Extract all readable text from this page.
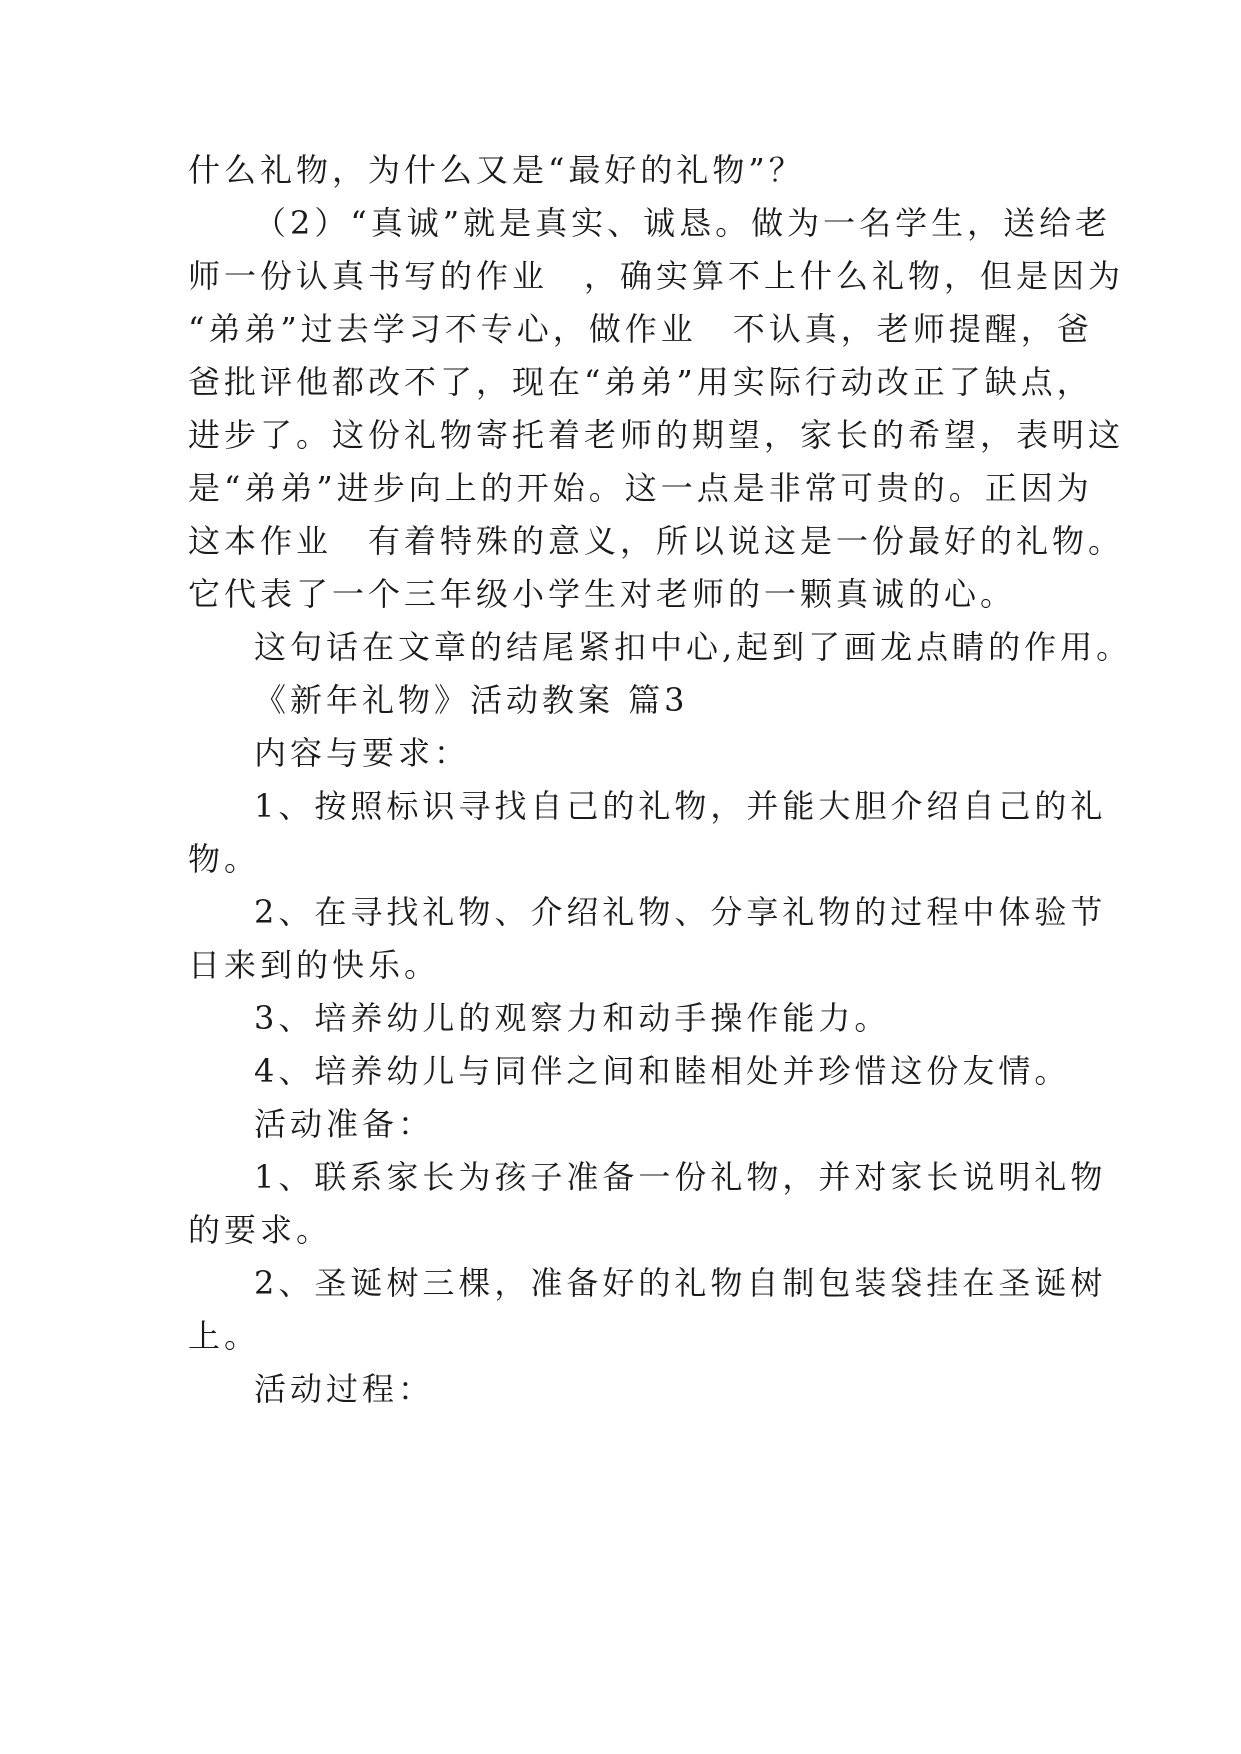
什么礼物，为什么又是“最好的礼物”？
（2）“真诚”就是真实、诚恳。做为一名学生，送给老
师一份认真书写的作业　，确实算不上什么礼物，但是因为
“弟弟”过去学习不专心，做作业　不认真，老师提醒，爸
爸批评他都改不了，现在“弟弟”用实际行动改正了缺点，
进步了。这份礼物寄托着老师的期望，家长的希望，表明这
是“弟弟”进步向上的开始。这一点是非常可贵的。正因为
这本作业　有着特殊的意义，所以说这是一份最好的礼物。
它代表了一个三年级小学生对老师的一颗真诚的心。
这句话在文章的结尾紧扣中心,起到了画龙点睛的作用。
《新年礼物》活动教案 篇3
内容与要求：
1、按照标识寻找自己的礼物，并能大胆介绍自己的礼
物。
2、在寻找礼物、介绍礼物、分享礼物的过程中体验节
日来到的快乐。
3、培养幼儿的观察力和动手操作能力。
4、培养幼儿与同伴之间和睦相处并珍惜这份友情。
活动准备：
1、联系家长为孩子准备一份礼物，并对家长说明礼物
的要求。
2、圣诞树三棵，准备好的礼物自制包装袋挂在圣诞树
上。
活动过程：
